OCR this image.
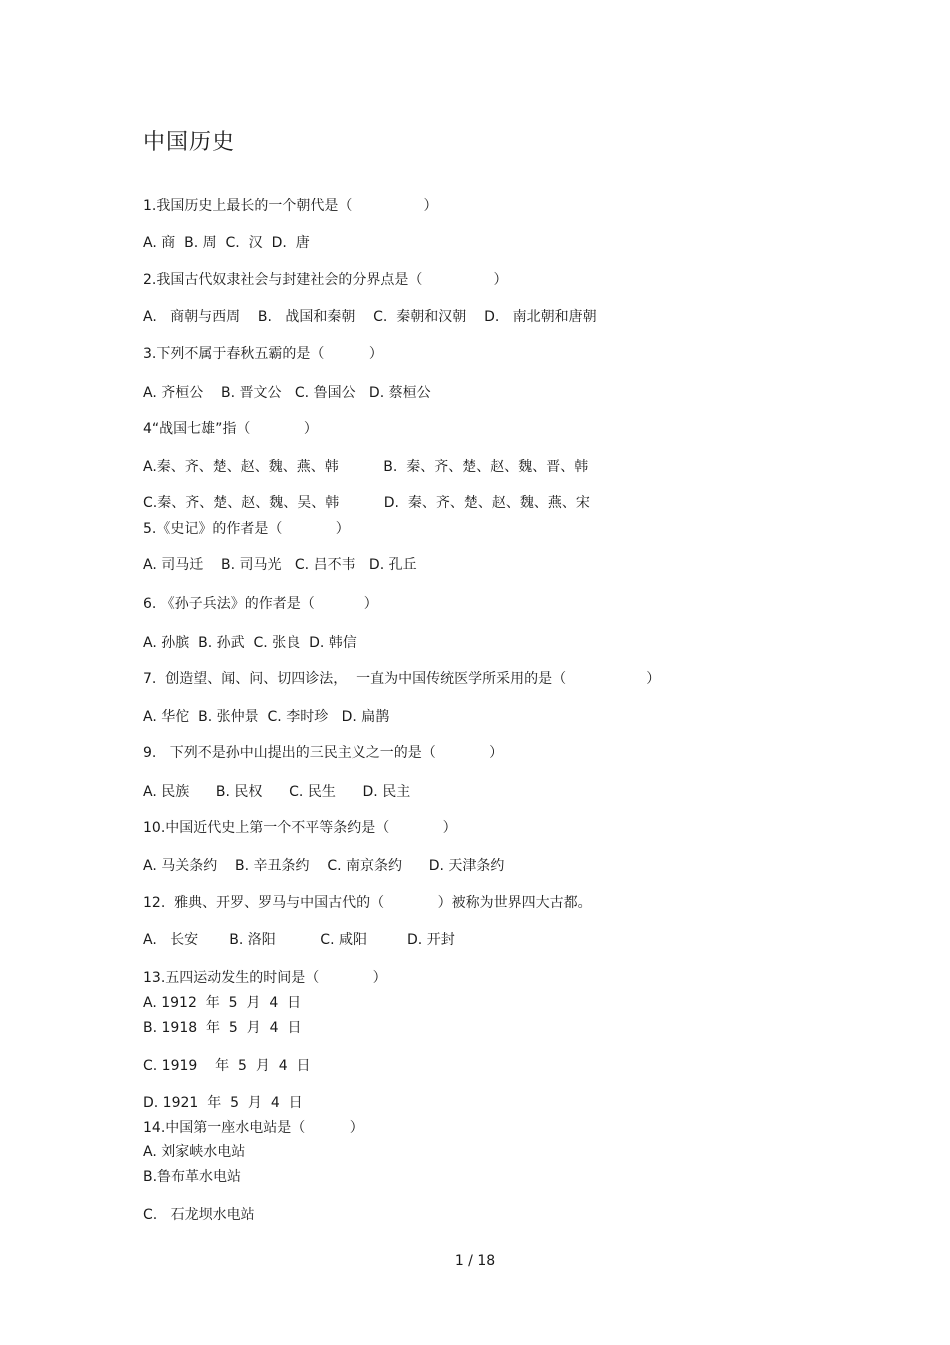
中国历史
1.我国历史上最长的一个朝代是（                ）
A. 商  B. 周  C.  汉  D.  唐
2.我国古代奴隶社会与封建社会的分界点是（                ）
A.   商朝与西周    B.   战国和秦朝    C.  秦朝和汉朝    D.   南北朝和唐朝
3.下列不属于春秋五霸的是（          ）
A. 齐桓公    B. 晋文公   C. 鲁国公   D. 蔡桓公
4“战国七雄”指（            ）
A.秦、齐、楚、赵、魏、燕、韩          B.  秦、齐、楚、赵、魏、晋、韩
C.秦、齐、楚、赵、魏、吴、韩          D.  秦、齐、楚、赵、魏、燕、宋
5.《史记》的作者是（            ）
A. 司马迁    B. 司马光   C. 吕不韦   D. 孔丘
6. 《孙子兵法》的作者是（           ）
A. 孙膑  B. 孙武  C. 张良  D. 韩信
7.  创造望、闻、问、切四诊法，  一直为中国传统医学所采用的是（                  ）
A. 华佗  B. 张仲景  C. 李时珍   D. 扁鹊
9.   下列不是孙中山提出的三民主义之一的是（            ）
A. 民族      B. 民权      C. 民生      D. 民主
10.中国近代史上第一个不平等条约是（            ）
A. 马关条约    B. 辛丑条约    C. 南京条约      D. 天津条约
12.  雅典、开罗、罗马与中国古代的（            ）被称为世界四大古都。
A.   长安       B. 洛阳          C. 咸阳         D. 开封
13.五四运动发生的时间是（            ）
A. 1912  年  5  月  4  日
B. 1918  年  5  月  4  日
C. 1919    年  5  月  4  日
D. 1921  年  5  月  4  日
14.中国第一座水电站是（          ）
A. 刘家峡水电站
B.鲁布革水电站
C.   石龙坝水电站
1 / 18
